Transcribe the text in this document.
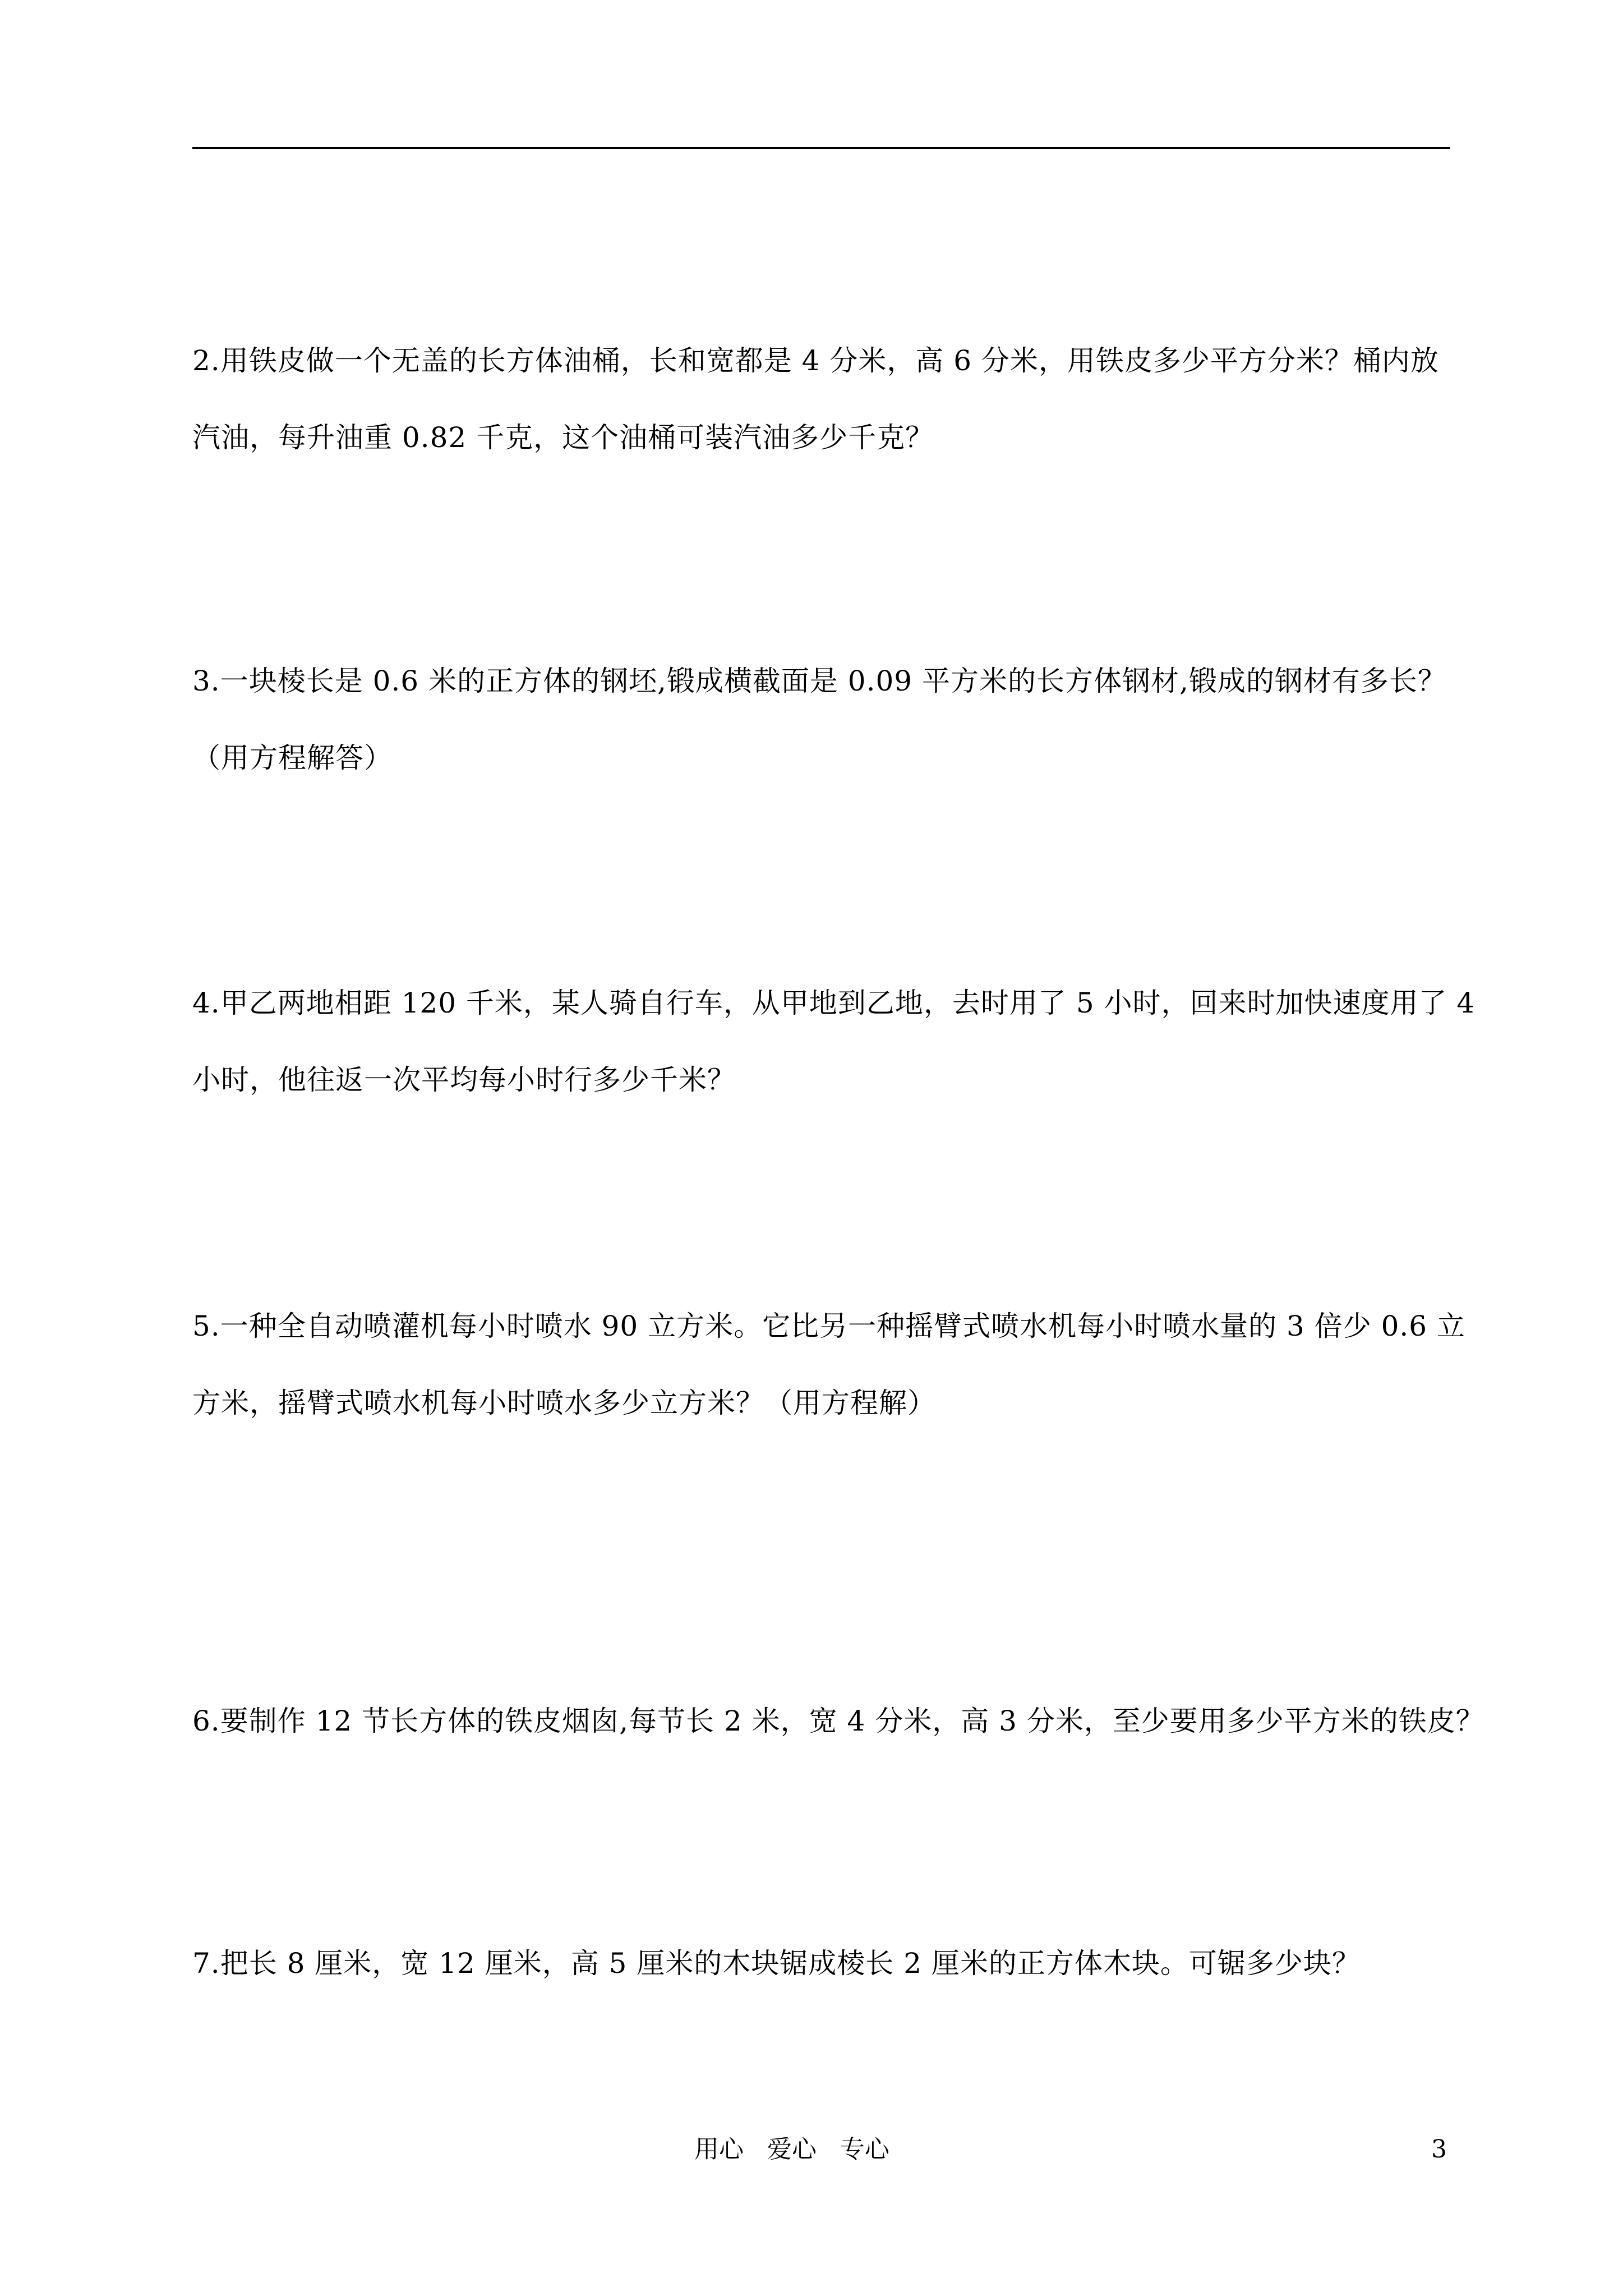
2.用铁皮做一个无盖的长方体油桶，长和宽都是 4 分米，高 6 分米，用铁皮多少平方分米？桶内放

汽油，每升油重 0.82 千克，这个油桶可装汽油多少千克？

3.一块棱长是 0.6 米的正方体的钢坯,锻成横截面是 0.09 平方米的长方体钢材,锻成的钢材有多长？

（用方程解答）

4.甲乙两地相距 120 千米，某人骑自行车，从甲地到乙地，去时用了 5 小时，回来时加快速度用了 4

小时，他往返一次平均每小时行多少千米？

5.一种全自动喷灌机每小时喷水 90 立方米。它比另一种摇臂式喷水机每小时喷水量的 3 倍少 0.6 立

方米，摇臂式喷水机每小时喷水多少立方米？（用方程解）

6.要制作 12 节长方体的铁皮烟囱,每节长 2 米，宽 4 分米，高 3 分米，至少要用多少平方米的铁皮？

7.把长 8 厘米，宽 12 厘米，高 5 厘米的木块锯成棱长 2 厘米的正方体木块。可锯多少块？

用心   爱心   专心	3
